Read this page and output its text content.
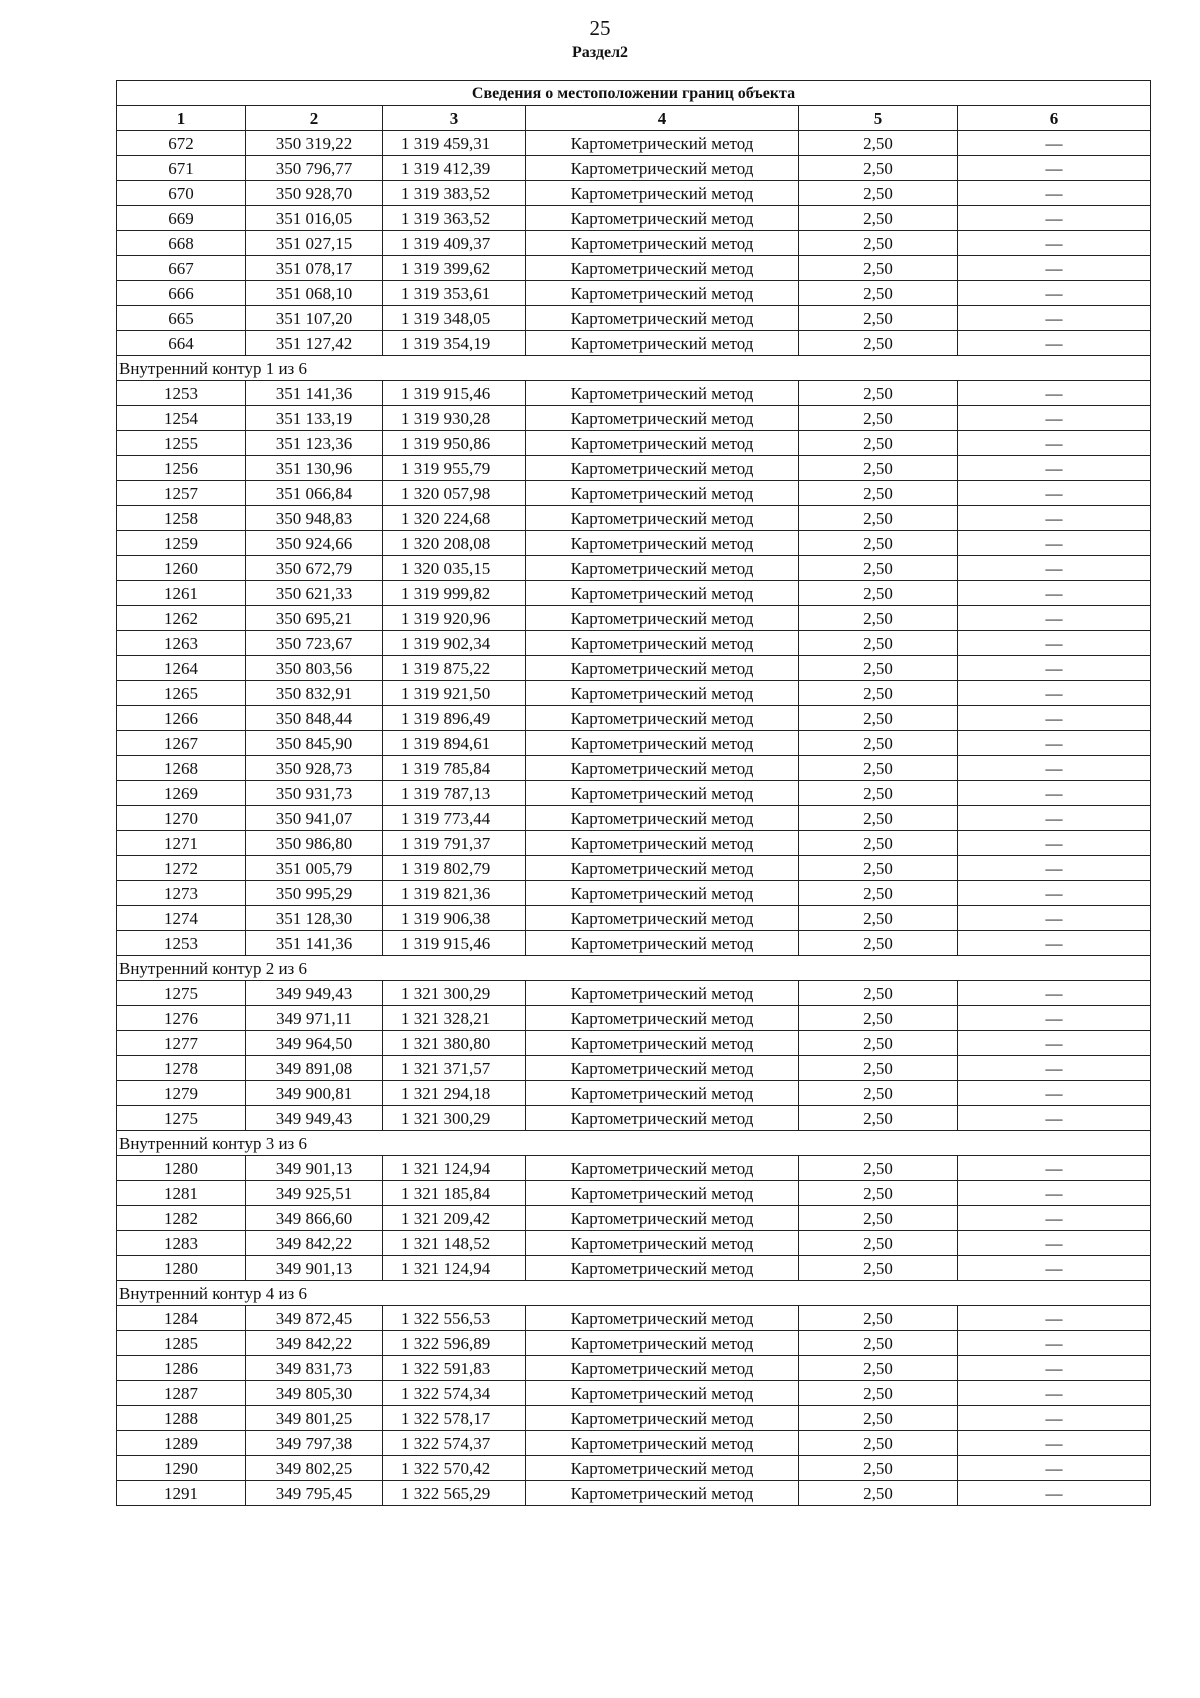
25
Раздел2
Сведения о местоположении границ объекта					
1	2	3	4	5	6
672	350 319,22	1 319 459,31	Картометрический метод	2,50	—
671	350 796,77	1 319 412,39	Картометрический метод	2,50	—
670	350 928,70	1 319 383,52	Картометрический метод	2,50	—
669	351 016,05	1 319 363,52	Картометрический метод	2,50	—
668	351 027,15	1 319 409,37	Картометрический метод	2,50	—
667	351 078,17	1 319 399,62	Картометрический метод	2,50	—
666	351 068,10	1 319 353,61	Картометрический метод	2,50	—
665	351 107,20	1 319 348,05	Картометрический метод	2,50	—
664	351 127,42	1 319 354,19	Картометрический метод	2,50	—
Внутренний контур 1 из 6					
1253	351 141,36	1 319 915,46	Картометрический метод	2,50	—
1254	351 133,19	1 319 930,28	Картометрический метод	2,50	—
1255	351 123,36	1 319 950,86	Картометрический метод	2,50	—
1256	351 130,96	1 319 955,79	Картометрический метод	2,50	—
1257	351 066,84	1 320 057,98	Картометрический метод	2,50	—
1258	350 948,83	1 320 224,68	Картометрический метод	2,50	—
1259	350 924,66	1 320 208,08	Картометрический метод	2,50	—
1260	350 672,79	1 320 035,15	Картометрический метод	2,50	—
1261	350 621,33	1 319 999,82	Картометрический метод	2,50	—
1262	350 695,21	1 319 920,96	Картометрический метод	2,50	—
1263	350 723,67	1 319 902,34	Картометрический метод	2,50	—
1264	350 803,56	1 319 875,22	Картометрический метод	2,50	—
1265	350 832,91	1 319 921,50	Картометрический метод	2,50	—
1266	350 848,44	1 319 896,49	Картометрический метод	2,50	—
1267	350 845,90	1 319 894,61	Картометрический метод	2,50	—
1268	350 928,73	1 319 785,84	Картометрический метод	2,50	—
1269	350 931,73	1 319 787,13	Картометрический метод	2,50	—
1270	350 941,07	1 319 773,44	Картометрический метод	2,50	—
1271	350 986,80	1 319 791,37	Картометрический метод	2,50	—
1272	351 005,79	1 319 802,79	Картометрический метод	2,50	—
1273	350 995,29	1 319 821,36	Картометрический метод	2,50	—
1274	351 128,30	1 319 906,38	Картометрический метод	2,50	—
1253	351 141,36	1 319 915,46	Картометрический метод	2,50	—
Внутренний контур 2 из 6					
1275	349 949,43	1 321 300,29	Картометрический метод	2,50	—
1276	349 971,11	1 321 328,21	Картометрический метод	2,50	—
1277	349 964,50	1 321 380,80	Картометрический метод	2,50	—
1278	349 891,08	1 321 371,57	Картометрический метод	2,50	—
1279	349 900,81	1 321 294,18	Картометрический метод	2,50	—
1275	349 949,43	1 321 300,29	Картометрический метод	2,50	—
Внутренний контур 3 из 6					
1280	349 901,13	1 321 124,94	Картометрический метод	2,50	—
1281	349 925,51	1 321 185,84	Картометрический метод	2,50	—
1282	349 866,60	1 321 209,42	Картометрический метод	2,50	—
1283	349 842,22	1 321 148,52	Картометрический метод	2,50	—
1280	349 901,13	1 321 124,94	Картометрический метод	2,50	—
Внутренний контур 4 из 6					
1284	349 872,45	1 322 556,53	Картометрический метод	2,50	—
1285	349 842,22	1 322 596,89	Картометрический метод	2,50	—
1286	349 831,73	1 322 591,83	Картометрический метод	2,50	—
1287	349 805,30	1 322 574,34	Картометрический метод	2,50	—
1288	349 801,25	1 322 578,17	Картометрический метод	2,50	—
1289	349 797,38	1 322 574,37	Картометрический метод	2,50	—
1290	349 802,25	1 322 570,42	Картометрический метод	2,50	—
1291	349 795,45	1 322 565,29	Картометрический метод	2,50	—
